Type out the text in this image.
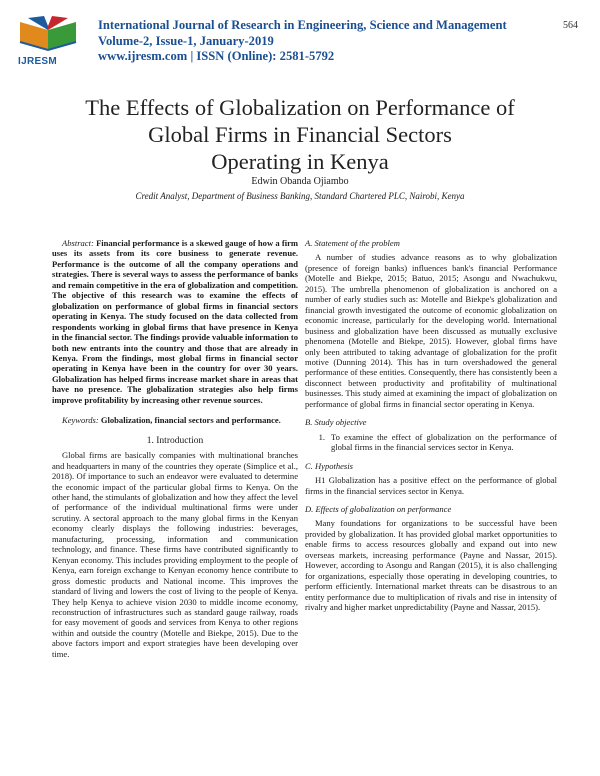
IJRESM
International Journal of Research in Engineering, Science and Management
Volume-2, Issue-1, January-2019
www.ijresm.com | ISSN (Online): 2581-5792
564
The Effects of Globalization on Performance of
Global Firms in Financial Sectors
Operating in Kenya
Edwin Obanda Ojiambo
Credit Analyst, Department of Business Banking, Standard Chartered PLC, Nairobi, Kenya

Abstract: Financial performance is a skewed gauge of how a firm uses its assets from its core business to generate revenue. Performance is the outcome of all the company operations and strategies. There is several ways to assess the performance of banks and remain competitive in the era of globalization and competition. The objective of this research was to examine the effects of globalization on performance of global firms in financial sectors operating in Kenya. The study focused on the data collected from respondents working in global firms that have presence in Kenya in the financial sector. The findings provide valuable information to both new entrants into the country and those that are already in Kenya. From the findings, most global firms in financial sector operating in Kenya have been in the country for over 30 years. Globalization has helped firms increase market share in areas that have no presence. The globalization strategies also help firms improve profitability by increasing other revenue sources.

Keywords: Globalization, financial sectors and performance.

1. Introduction

Global firms are basically companies with multinational branches and headquarters in many of the countries they operate (Simplice et al., 2018). Of importance to such an endeavor were evaluated to determine the economic impact of the particular global firms to Kenya. On the other hand, the stimulants of globalization and how they affect the level of performance of the individual multinational firms were under scrutiny. A sectoral approach to the many global firms in the Kenyan economy clearly displays the following industries: beverages, manufacturing, processing, information and communication technology, and finance. These firms have contributed significantly to Kenyan economy. This includes providing employment to the people of Kenya, earn foreign exchange to Kenyan economy hence contribute to gross domestic products and National income. This improves the standard of living and lowers the cost of living to the people of Kenya. They help Kenya to achieve vision 2030 to middle income economy, reconstruction of infrastructures such as standard gauge railway, roads for easy movement of goods and services from Kenya to other regions within and outside the country (Motelle and Biekpe, 2015). Due to the above factors import and export strategies have been developing over time.

A. Statement of the problem

A number of studies advance reasons as to why globalization (presence of foreign banks) influences bank's financial Performance (Motelle and Biekpe, 2015; Batuo, 2015; Asongu and Nwachukwu, 2015). The umbrella phenomenon of globalization is anchored on a number of early studies such as: Motelle and Biekpe's globalization and financial growth investigated the outcome of economic globalization on economic increase, particularly for the developing world. International business and globalization have been discussed as mutually exclusive phenomena (Motelle and Biekpe, 2015). However, global firms have only been attributed to taking advantage of globalization for the profit motive (Dunning 2014). This has in turn overshadowed the general performance of these entities. Consequently, there has consistently been a disconnect between productivity and profitability of multinational businesses. This study aimed at examining the impact of globalization on performance of global firms in financial sector operating in Kenya.

B. Study objective
1. To examine the effect of globalization on the performance of global firms in the financial services sector in Kenya.
C. Hypothesis

H1 Globalization has a positive effect on the performance of global firms in the financial services sector in Kenya.

D. Effects of globalization on performance

Many foundations for organizations to be successful have been provided by globalization. It has provided global market opportunities to enable firms to access resources globally and expand out into new overseas markets, increasing performance (Payne and Nassar, 2015). However, according to Asongu and Rangan (2015), it is also challenging for organizations, especially those operating in developing countries, to perform efficiently. International market threats can be disastrous to an entity performance due to multiplication of rivals and rise in intensity of rivalry and higher market unpredictability (Payne and Nassar, 2015).
